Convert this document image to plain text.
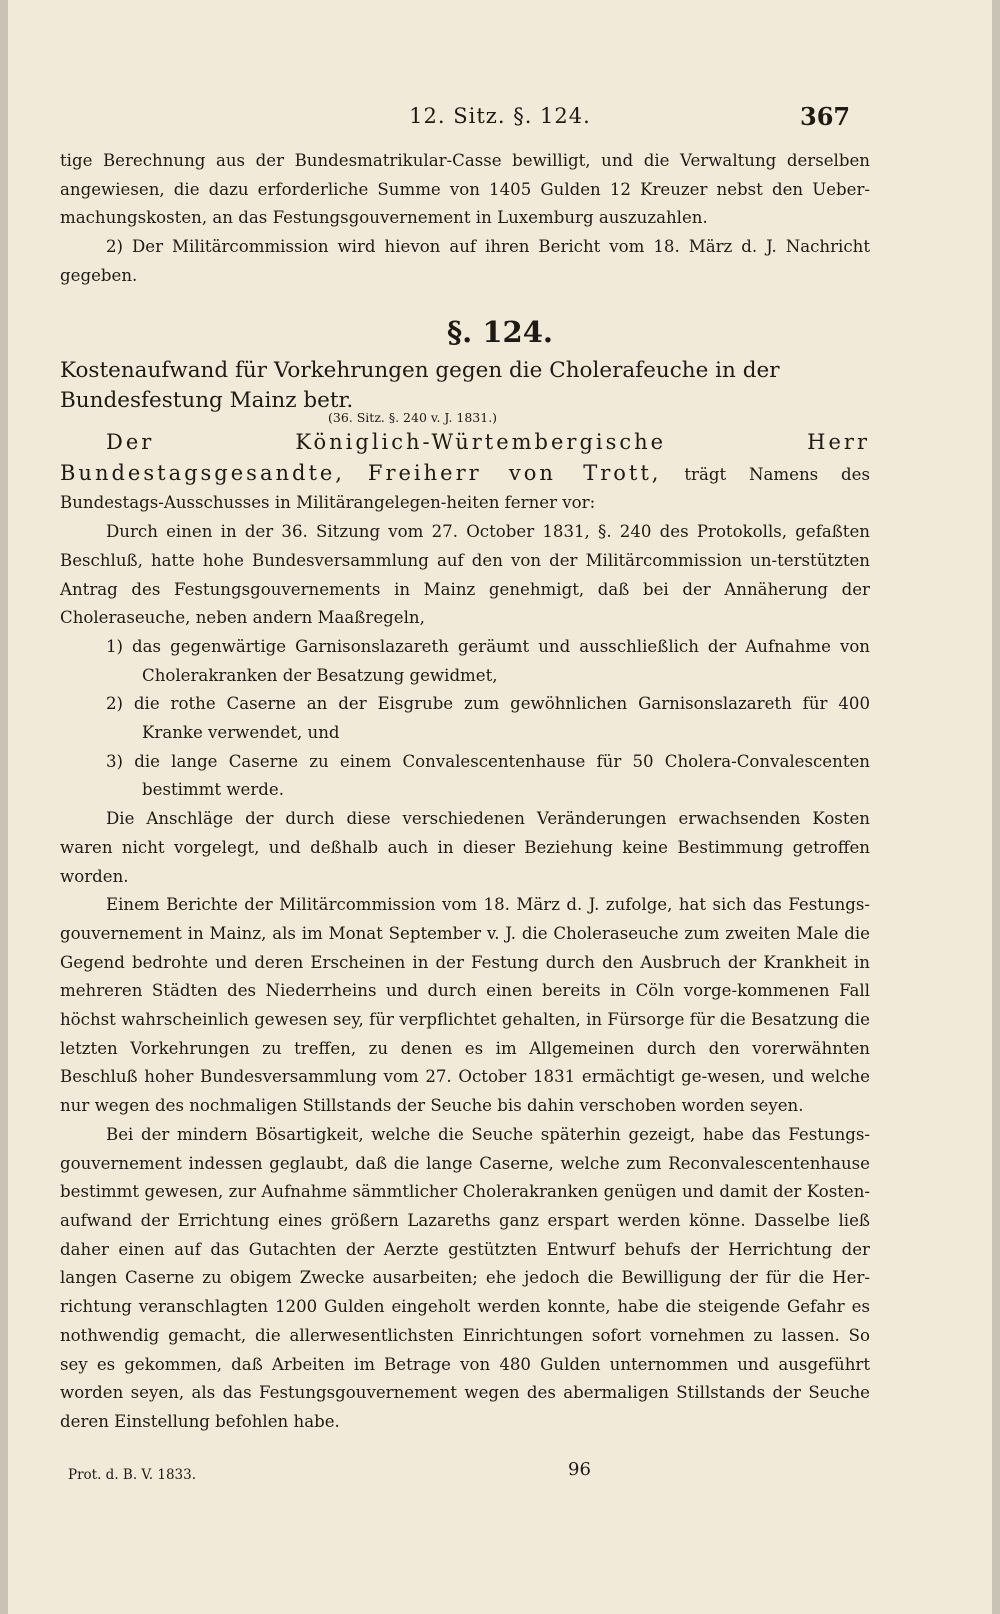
12. Sitz. §. 124.	367

tige Berechnung aus der Bundesmatrikular-Casse bewilligt, und die Verwaltung derselben angewiesen, die dazu erforderliche Summe von 1405 Gulden 12 Kreuzer nebst den Ueber-machungskosten, an das Festungsgouvernement in Luxemburg auszuzahlen.

2) Der Militärcommission wird hievon auf ihren Bericht vom 18. März d. J. Nachricht gegeben.

§. 124.
Kostenaufwand für Vorkehrungen gegen die Cholerafeuche in der Bundesfestung Mainz betr.
(36. Sitz. §. 240 v. J. 1831.)

Der Königlich-Würtembergische Herr Bundestagsgesandte, Freiherr von Trott, trägt Namens des Bundestags-Ausschusses in Militärangelegen-heiten ferner vor:

Durch einen in der 36. Sitzung vom 27. October 1831, §. 240 des Protokolls, gefaßten Beschluß, hatte hohe Bundesversammlung auf den von der Militärcommission un-terstützten Antrag des Festungsgouvernements in Mainz genehmigt, daß bei der Annäherung der Choleraseuche, neben andern Maaßregeln,

1) das gegenwärtige Garnisonslazareth geräumt und ausschließlich der Aufnahme von Cholerakranken der Besatzung gewidmet,
2) die rothe Caserne an der Eisgrube zum gewöhnlichen Garnisonslazareth für 400 Kranke verwendet, und
3) die lange Caserne zu einem Convalescentenhause für 50 Cholera-Convalescenten bestimmt werde.

Die Anschläge der durch diese verschiedenen Veränderungen erwachsenden Kosten waren nicht vorgelegt, und deßhalb auch in dieser Beziehung keine Bestimmung getroffen worden.

Einem Berichte der Militärcommission vom 18. März d. J. zufolge, hat sich das Festungs-gouvernement in Mainz, als im Monat September v. J. die Choleraseuche zum zweiten Male die Gegend bedrohte und deren Erscheinen in der Festung durch den Ausbruch der Krankheit in mehreren Städten des Niederrheins und durch einen bereits in Cöln vorge-kommenen Fall höchst wahrscheinlich gewesen sey, für verpflichtet gehalten, in Fürsorge für die Besatzung die letzten Vorkehrungen zu treffen, zu denen es im Allgemeinen durch den vorerwähnten Beschluß hoher Bundesversammlung vom 27. October 1831 ermächtigt ge-wesen, und welche nur wegen des nochmaligen Stillstands der Seuche bis dahin verschoben worden seyen.

Bei der mindern Bösartigkeit, welche die Seuche späterhin gezeigt, habe das Festungs-gouvernement indessen geglaubt, daß die lange Caserne, welche zum Reconvalescentenhause bestimmt gewesen, zur Aufnahme sämmtlicher Cholerakranken genügen und damit der Kosten-aufwand der Errichtung eines größern Lazareths ganz erspart werden könne. Dasselbe ließ daher einen auf das Gutachten der Aerzte gestützten Entwurf behufs der Herrichtung der langen Caserne zu obigem Zwecke ausarbeiten; ehe jedoch die Bewilligung der für die Her-richtung veranschlagten 1200 Gulden eingeholt werden konnte, habe die steigende Gefahr es nothwendig gemacht, die allerwesentlichsten Einrichtungen sofort vornehmen zu lassen. So sey es gekommen, daß Arbeiten im Betrage von 480 Gulden unternommen und ausgeführt worden seyen, als das Festungsgouvernement wegen des abermaligen Stillstands der Seuche deren Einstellung befohlen habe.

Prot. d. B. V. 1833.	96
